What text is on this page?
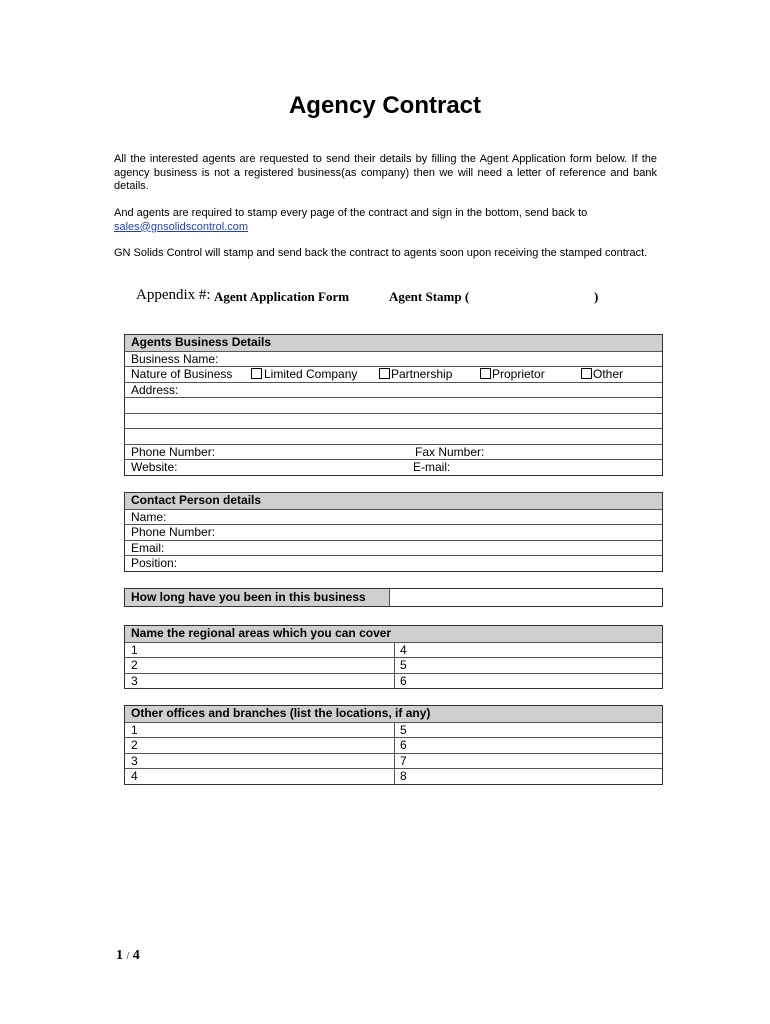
Agency Contract
All the interested agents are requested to send their details by filling the Agent Application form below. If the agency business is not a registered business(as company) then we will need a letter of reference and bank details.
And agents are required to stamp every page of the contract and sign in the bottom, send back to
sales@gnsolidscontrol.com
GN Solids Control will stamp and send back the contract to agents soon upon receiving the stamped contract.
Appendix #: Agent Application Form	Agent Stamp (	)
Agents Business Details
Business Name:
Nature of Business	Limited Company	Partnership	Proprietor	Other
Address:
Phone Number:	Fax Number:
Website:	E-mail:
Contact Person details
Name:
Phone Number:
Email:
Position:
How long have you been in this business
Name the regional areas which you can cover
1	4
2	5
3	6
Other offices and branches (list the locations, if any)
1	5
2	6
3	7
4	8
1 / 4
